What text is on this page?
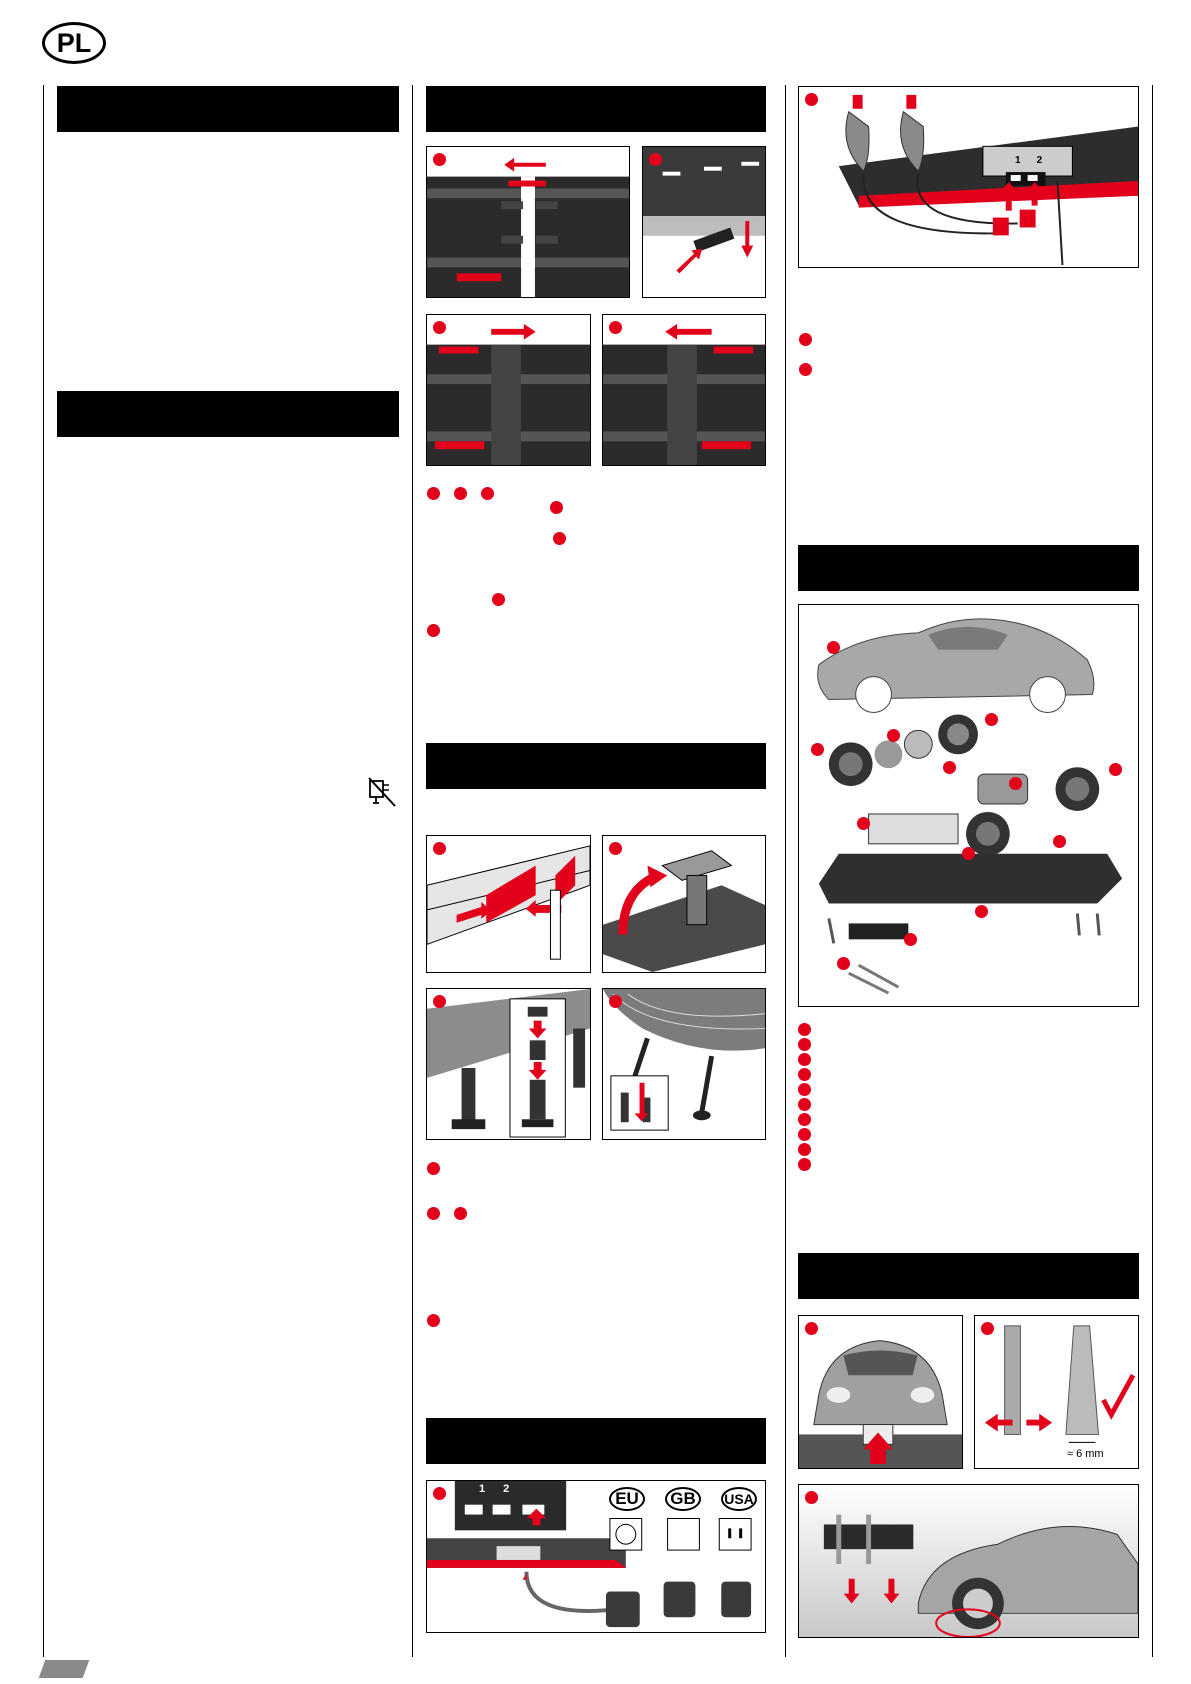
PL
EU	GB	USA
1 2
1 2
≈ 6 mm
